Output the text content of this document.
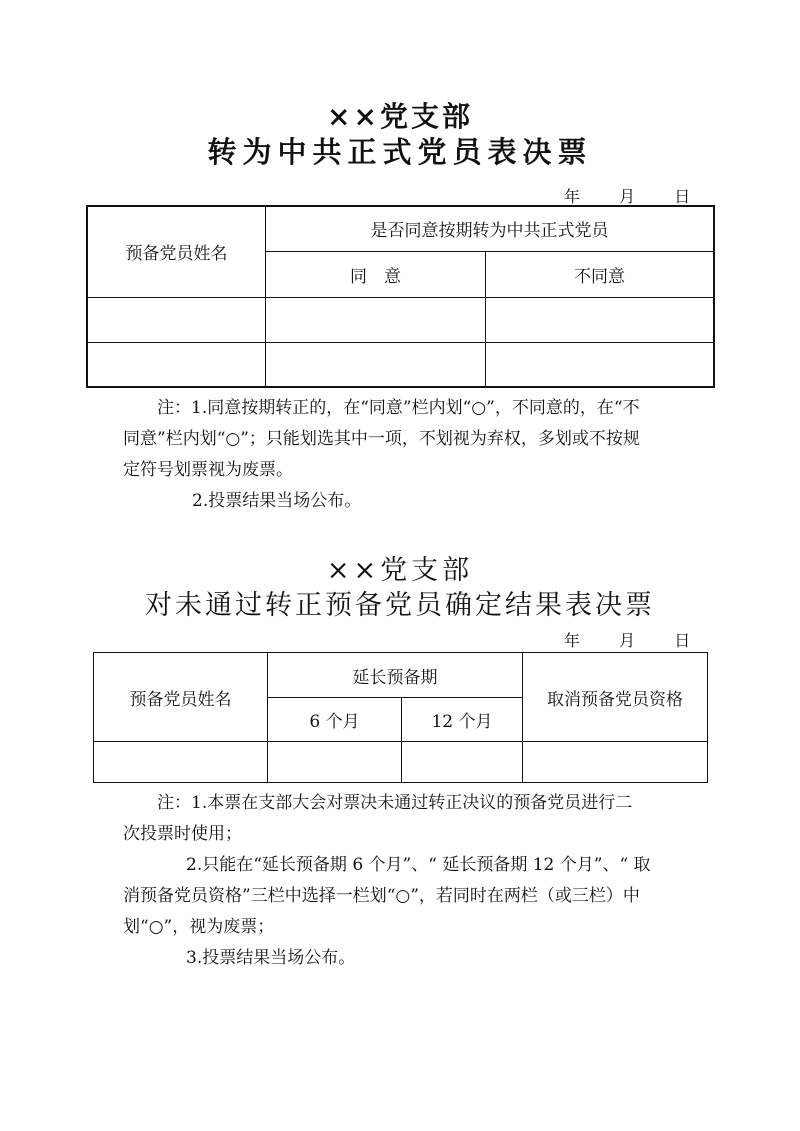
××党支部
转为中共正式党员表决票
年 月 日
预备党员姓名	是否同意按期转为中共正式党员	
	同　意	不同意

注：1.同意按期转正的，在“同意”栏内划“○”，不同意的，在“不
同意”栏内划“○”；只能划选其中一项，不划视为弃权，多划或不按规
定符号划票视为废票。
2.投票结果当场公布。
××党支部
对未通过转正预备党员确定结果表决票
年 月 日
预备党员姓名	延长预备期		取消预备党员资格
	6 个月	12 个月	

注：1.本票在支部大会对票决未通过转正决议的预备党员进行二
次投票时使用；
2.只能在“延长预备期 6 个月”、“ 延长预备期 12 个月”、“ 取
消预备党员资格”三栏中选择一栏划“○”，若同时在两栏（或三栏）中
划“○”，视为废票；
3.投票结果当场公布。
